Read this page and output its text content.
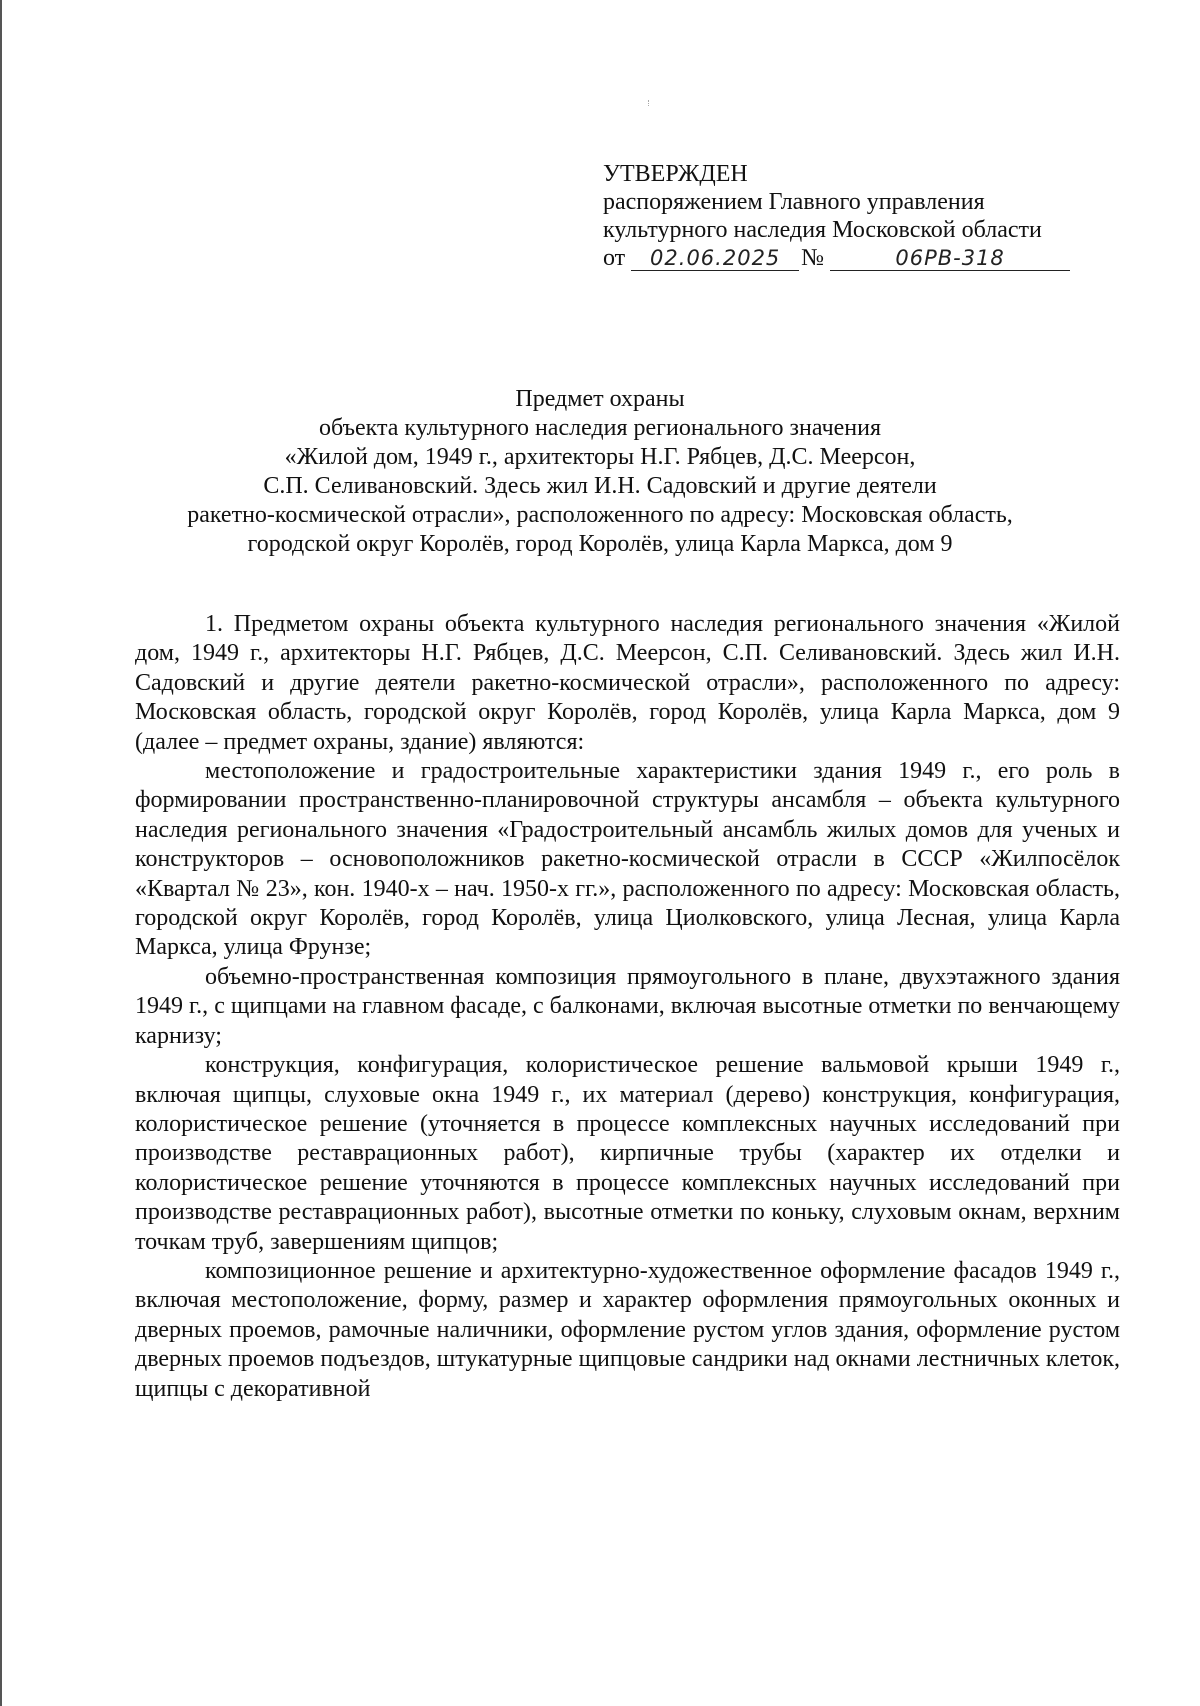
УТВЕРЖДЕН
распоряжением Главного управления
культурного наследия Московской области
от	02.06.2025 №	06РВ-318
Предмет охраны
объекта культурного наследия регионального значения
«Жилой дом, 1949 г., архитекторы Н.Г. Рябцев, Д.С. Меерсон,
С.П. Селивановский. Здесь жил И.Н. Садовский и другие деятели
ракетно-космической отрасли», расположенного по адресу: Московская область,
городской округ Королёв, город Королёв, улица Карла Маркса, дом 9

1. Предметом охраны объекта культурного наследия регионального значения «Жилой дом, 1949 г., архитекторы Н.Г. Рябцев, Д.С. Меерсон, С.П. Селивановский. Здесь жил И.Н. Садовский и другие деятели ракетно-космической отрасли», расположенного по адресу: Московская область, городской округ Королёв, город Королёв, улица Карла Маркса, дом 9 (далее – предмет охраны, здание) являются:

местоположение и градостроительные характеристики здания 1949 г., его роль в формировании пространственно-планировочной структуры ансамбля – объекта культурного наследия регионального значения «Градостроительный ансамбль жилых домов для ученых и конструкторов – основоположников ракетно-космической отрасли в СССР «Жилпосёлок «Квартал № 23», кон. 1940-х – нач. 1950-х гг.», расположенного по адресу: Московская область, городской округ Королёв, город Королёв, улица Циолковского, улица Лесная, улица Карла Маркса, улица Фрунзе;

объемно-пространственная композиция прямоугольного в плане, двухэтажного здания 1949 г., с щипцами на главном фасаде, с балконами, включая высотные отметки по венчающему карнизу;

конструкция, конфигурация, колористическое решение вальмовой крыши 1949 г., включая щипцы, слуховые окна 1949 г., их материал (дерево) конструкция, конфигурация, колористическое решение (уточняется в процессе комплексных научных исследований при производстве реставрационных работ), кирпичные трубы (характер их отделки и колористическое решение уточняются в процессе комплексных научных исследований при производстве реставрационных работ), высотные отметки по коньку, слуховым окнам, верхним точкам труб, завершениям щипцов;

композиционное решение и архитектурно-художественное оформление фасадов 1949 г., включая местоположение, форму, размер и характер оформления прямоугольных оконных и дверных проемов, рамочные наличники, оформление рустом углов здания, оформление рустом дверных проемов подъездов, штукатурные щипцовые сандрики над окнами лестничных клеток, щипцы с декоративной
